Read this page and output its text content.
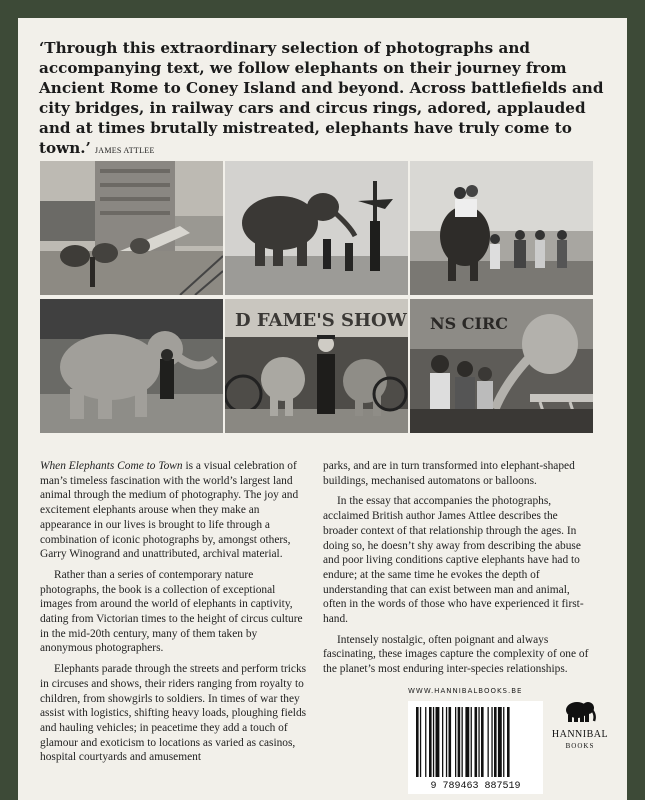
‘Through this extraordinary selection of photographs and accompanying text, we follow elephants on their journey from Ancient Rome to Coney Island and beyond. Across battlefields and city bridges, in railway cars and circus rings, adored, applauded and at times brutally mistreated, elephants have truly come to town.’ JAMES ATTLEE
D FAME'S SHOW NS CIRC

When Elephants Come to Town is a visual celebration of man’s timeless fascination with the world’s largest land animal through the medium of photography. The joy and excitement elephants arouse when they make an appearance in our lives is brought to life through a combination of iconic photographs by, amongst others, Garry Winogrand and unattributed, archival material.

Rather than a series of contemporary nature photographs, the book is a collection of exceptional images from around the world of elephants in captivity, dating from Victorian times to the height of circus culture in the mid-20th century, many of them taken by anonymous photographers.

Elephants parade through the streets and perform tricks in circuses and shows, their riders ranging from royalty to children, from showgirls to soldiers. In times of war they assist with logistics, shifting heavy loads, ploughing fields and hauling vehicles; in peacetime they add a touch of glamour and exoticism to locations as varied as casinos, hospital courtyards and amusement

parks, and are in turn transformed into elephant-shaped buildings, mechanised automatons or balloons.

In the essay that accompanies the photographs, acclaimed British author James Attlee describes the broader context of that relationship through the ages. In doing so, he doesn’t shy away from describing the abuse and poor living conditions captive elephants have had to endure; at the same time he evokes the depth of understanding that can exist between man and animal, often in the words of those who have experienced it first-hand.

Intensely nostalgic, often poignant and always fascinating, these images capture the complexity of one of the planet’s most enduring inter-species relationships.

WWW.HANNIBALBOOKS.BE
9 789463 887519
HANNIBAL
BOOKS
